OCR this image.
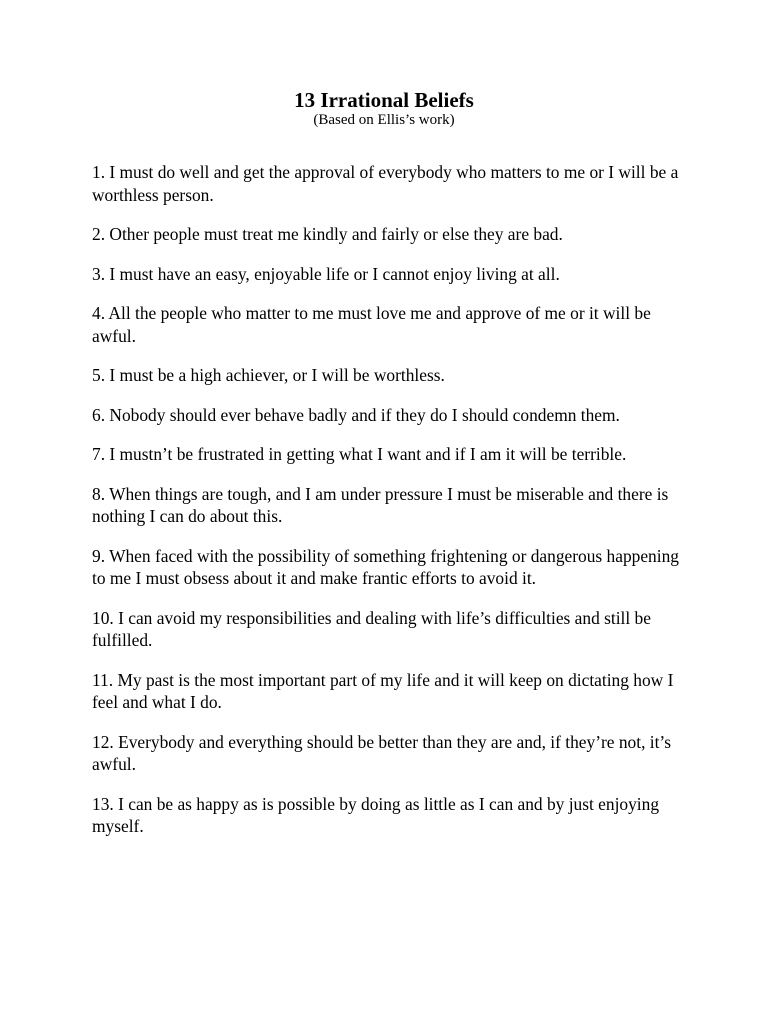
13 Irrational Beliefs
(Based on Ellis’s work)
1. I must do well and get the approval of everybody who matters to me or I will be a worthless person.
2. Other people must treat me kindly and fairly or else they are bad.
3. I must have an easy, enjoyable life or I cannot enjoy living at all.
4. All the people who matter to me must love me and approve of me or it will be awful.
5. I must be a high achiever, or I will be worthless.
6. Nobody should ever behave badly and if they do I should condemn them.
7. I mustn’t be frustrated in getting what I want and if I am it will be terrible.
8. When things are tough, and I am under pressure I must be miserable and there is nothing I can do about this.
9. When faced with the possibility of something frightening or dangerous happening to me I must obsess about it and make frantic efforts to avoid it.
10. I can avoid my responsibilities and dealing with life’s difficulties and still be fulfilled.
11. My past is the most important part of my life and it will keep on dictating how I feel and what I do.
12. Everybody and everything should be better than they are and, if they’re not, it’s awful.
13. I can be as happy as is possible by doing as little as I can and by just enjoying myself.
